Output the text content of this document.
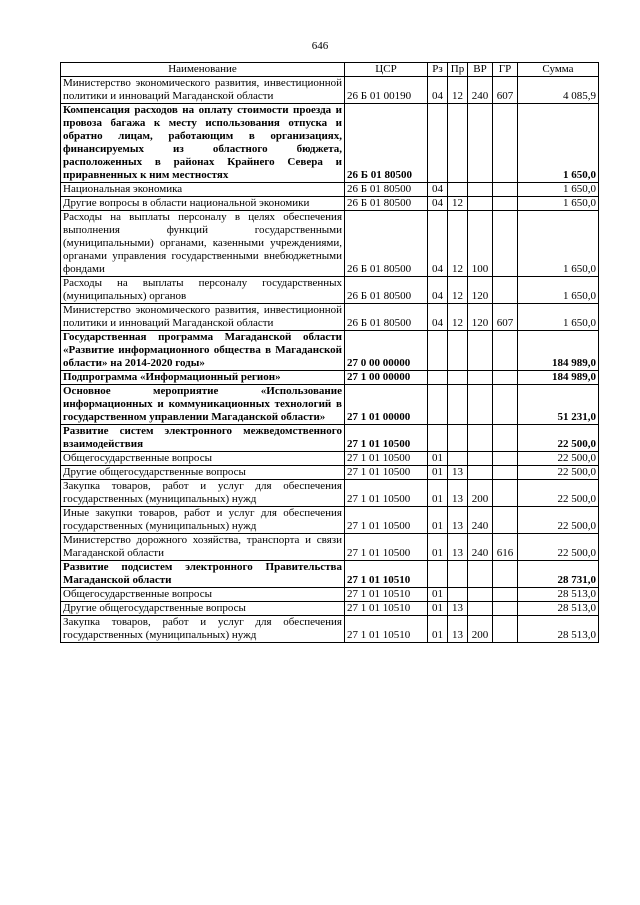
646
Наименование	ЦСР	Рз	Пр	ВР	ГР	Сумма
Министерство экономического развития, инвестиционной политики и инноваций Магаданской области	26 Б 01 00190	04	12	240	607	4 085,9
Компенсация расходов на оплату стоимости проезда и провоза багажа к месту использования отпуска и обратно лицам, работающим в организациях, финансируемых из областного бюджета, расположенных в районах Крайнего Севера и приравненных к ним местностях	26 Б 01 80500					1 650,0
Национальная экономика	26 Б 01 80500	04				1 650,0
Другие вопросы в области национальной экономики	26 Б 01 80500	04	12			1 650,0
Расходы на выплаты персоналу в целях обеспечения выполнения функций государственными (муниципальными) органами, казенными учреждениями, органами управления государственными внебюджетными фондами	26 Б 01 80500	04	12	100		1 650,0
Расходы на выплаты персоналу государственных (муниципальных) органов	26 Б 01 80500	04	12	120		1 650,0
Министерство экономического развития, инвестиционной политики и инноваций Магаданской области	26 Б 01 80500	04	12	120	607	1 650,0
Государственная программа Магаданской области «Развитие информационного общества в Магаданской области» на 2014-2020 годы»	27 0 00 00000					184 989,0
Подпрограмма «Информационный регион»	27 1 00 00000					184 989,0
Основное мероприятие «Использование информационных и коммуникационных технологий в государственном управлении Магаданской области»	27 1 01 00000					51 231,0
Развитие систем электронного межведомственного взаимодействия	27 1 01 10500					22 500,0
Общегосударственные вопросы	27 1 01 10500	01				22 500,0
Другие общегосударственные вопросы	27 1 01 10500	01	13			22 500,0
Закупка товаров, работ и услуг для обеспечения государственных (муниципальных) нужд	27 1 01 10500	01	13	200		22 500,0
Иные закупки товаров, работ и услуг для обеспечения государственных (муниципальных) нужд	27 1 01 10500	01	13	240		22 500,0
Министерство дорожного хозяйства, транспорта и связи Магаданской области	27 1 01 10500	01	13	240	616	22 500,0
Развитие подсистем электронного Правительства Магаданской области	27 1 01 10510					28 731,0
Общегосударственные вопросы	27 1 01 10510	01				28 513,0
Другие общегосударственные вопросы	27 1 01 10510	01	13			28 513,0
Закупка товаров, работ и услуг для обеспечения государственных (муниципальных) нужд	27 1 01 10510	01	13	200		28 513,0
